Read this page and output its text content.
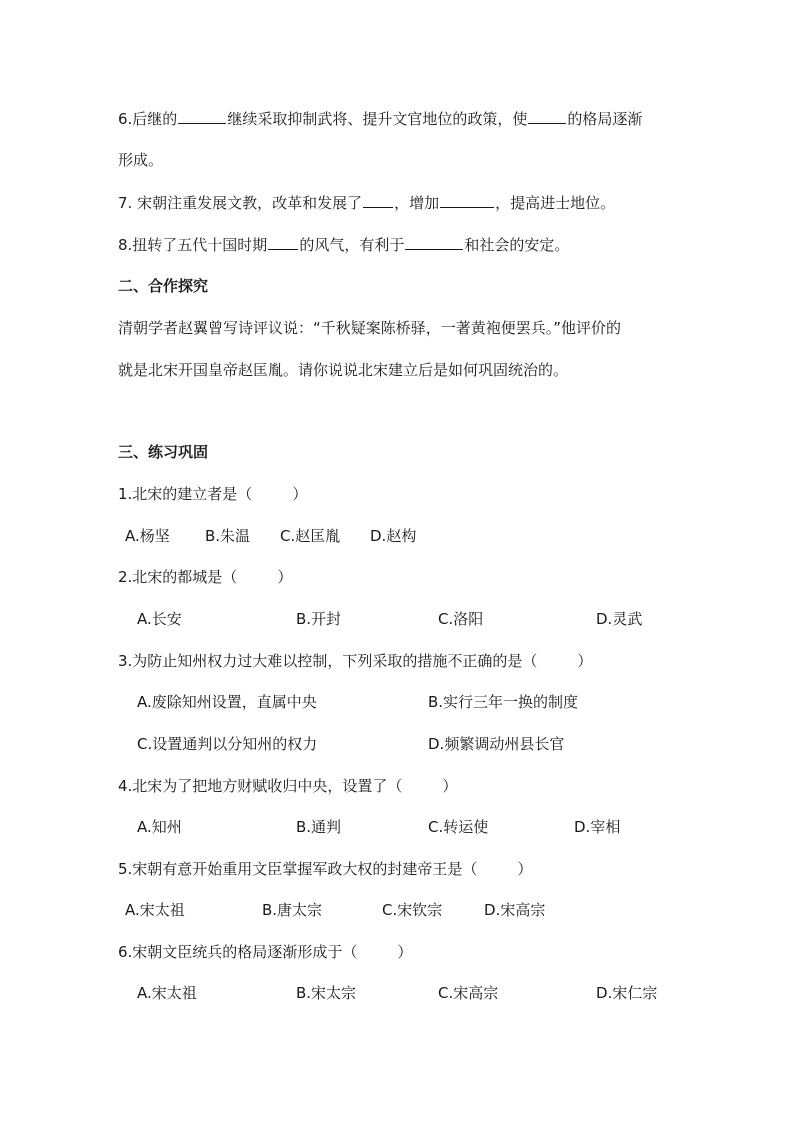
6.后继的	继续采取抑制武将、提升文官地位的政策，使	的格局逐渐
形成。
7. 宋朝注重发展文教，改革和发展了 ，增加	，提高进士地位。
8.扭转了五代十国时期 的风气，有利于	和社会的安定。
二、合作探究
清朝学者赵翼曾写诗评议说：“千秋疑案陈桥驿，一著黄袍便罢兵。”他评价的
就是北宋开国皇帝赵匡胤。请你说说北宋建立后是如何巩固统治的。
三、练习巩固
1.北宋的建立者是（	）
A.杨坚 B.朱温 C.赵匡胤 D.赵构
2.北宋的都城是（	）
A.长安	B.开封	C.洛阳	D.灵武
3.为防止知州权力过大难以控制，下列采取的措施不正确的是（	）
A.废除知州设置，直属中央	B.实行三年一换的制度
C.设置通判以分知州的权力	D.频繁调动州县长官
4.北宋为了把地方财赋收归中央，设置了（	）
A.知州	B.通判	C.转运使	D.宰相
5.宋朝有意开始重用文臣掌握军政大权的封建帝王是（	）
A.宋太祖	B.唐太宗	C.宋钦宗	D.宋高宗
6.宋朝文臣统兵的格局逐渐形成于（	）
A.宋太祖	B.宋太宗	C.宋高宗	D.宋仁宗
